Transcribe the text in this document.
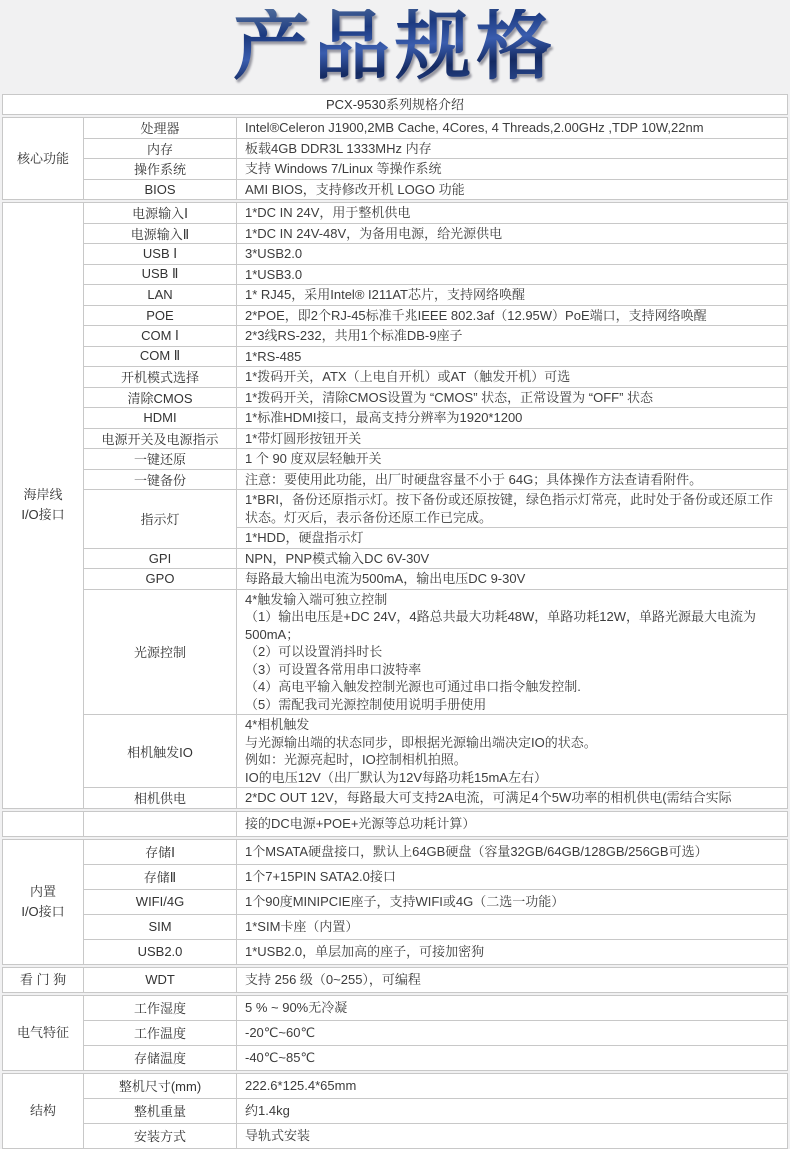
产品规格
PCX-9530系列规格介绍
核心功能
处理器	Intel®Celeron J1900,2MB Cache, 4Cores, 4 Threads,2.00GHz ,TDP 10W,22nm
内存	板载4GB DDR3L 1333MHz 内存
操作系统	支持 Windows 7/Linux 等操作系统
BIOS	AMI BIOS，支持修改开机 LOGO 功能
海岸线
I/O接口
电源输入Ⅰ	1*DC IN 24V，用于整机供电
电源输入Ⅱ	1*DC IN 24V-48V，为备用电源，给光源供电
USB Ⅰ	3*USB2.0
USB Ⅱ	1*USB3.0
LAN	1* RJ45，采用Intel® I211AT芯片，支持网络唤醒
POE	2*POE，即2个RJ-45标准千兆IEEE 802.3af（12.95W）PoE端口，支持网络唤醒
COM Ⅰ	2*3线RS-232，共用1个标准DB-9座子
COM Ⅱ	1*RS-485
开机模式选择	1*拨码开关，ATX（上电自开机）或AT（触发开机）可选
清除CMOS	1*拨码开关，清除CMOS设置为 “CMOS” 状态，正常设置为 “OFF” 状态
HDMI	1*标准HDMI接口，最高支持分辨率为1920*1200
电源开关及电源指示	1*带灯圆形按钮开关
一键还原	1 个 90 度双层轻触开关
一键备份	注意：要使用此功能，出厂时硬盘容量不小于 64G；具体操作方法查请看附件。
指示灯
1*BRI，备份还原指示灯。按下备份或还原按键，绿色指示灯常亮，此时处于备份或还原工作状态。灯灭后，表示备份还原工作已完成。
1*HDD，硬盘指示灯
GPI	NPN，PNP模式输入DC 6V-30V
GPO	每路最大输出电流为500mA，输出电压DC 9-30V
光源控制
4*触发输入端可独立控制
（1）输出电压是+DC 24V，4路总共最大功耗48W，单路功耗12W，单路光源最大电流为500mA；
（2）可以设置消抖时长
（3）可设置各常用串口波特率
（4）高电平输入触发控制光源也可通过串口指令触发控制.
（5）需配我司光源控制使用说明手册使用
相机触发IO
4*相机触发
与光源输出端的状态同步，即根据光源输出端决定IO的状态。
例如：光源亮起时，IO控制相机拍照。
IO的电压12V（出厂默认为12V每路功耗15mA左右）
相机供电	2*DC OUT 12V，每路最大可支持2A电流，可满足4个5W功率的相机供电(需结合实际
接的DC电源+POE+光源等总功耗计算）
内置
I/O接口
存储Ⅰ	1个MSATA硬盘接口，默认上64GB硬盘（容量32GB/64GB/128GB/256GB可选）
存储Ⅱ	1个7+15PIN SATA2.0接口
WIFI/4G	1个90度MINIPCIE座子，支持WIFI或4G（二选一功能）
SIM	1*SIM卡座（内置）
USB2.0	1*USB2.0，单层加高的座子，可接加密狗
看 门 狗	WDT	支持 256 级（0~255），可编程
电气特征
工作湿度	5 % ~ 90%无冷凝
工作温度	-20℃~60℃
存储温度	-40℃~85℃
结构
整机尺寸(mm)	222.6*125.4*65mm
整机重量	约1.4kg
安装方式	导轨式安装
